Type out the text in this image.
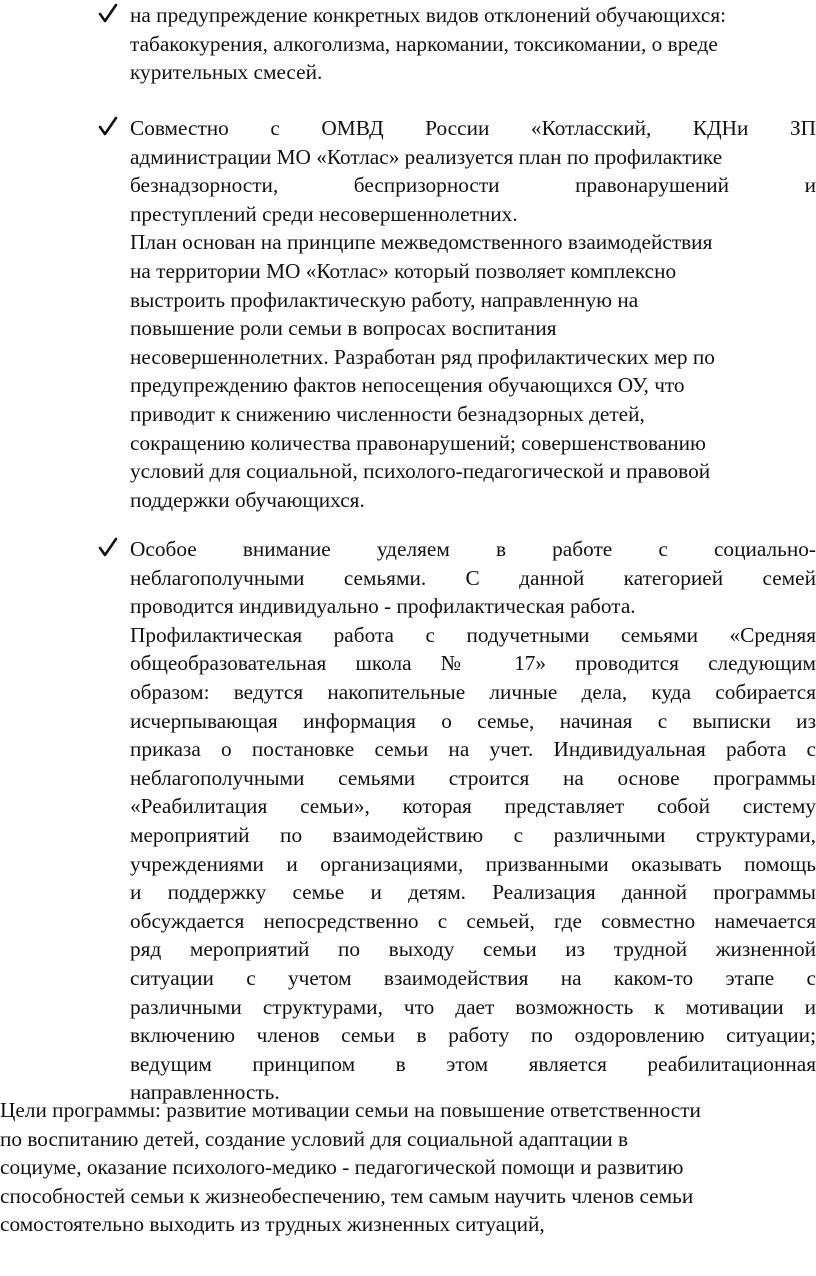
на предупреждение конкретных видов отклонений обучающихся:
табакокурения, алкоголизма, наркомании, токсикомании, о вреде
курительных смесей.
Совместно с ОМВД России «Котласский, КДНи ЗП
администрации МО «Котлас» реализуется план по профилактике
безнадзорности, беспризорности правонарушений и
преступлений среди несовершеннолетних.
План основан на принципе межведомственного взаимодействия
на территории МО «Котлас» который позволяет комплексно
выстроить профилактическую работу, направленную на
повышение роли семьи в вопросах воспитания
несовершеннолетних. Разработан ряд профилактических мер по
предупреждению фактов непосещения обучающихся ОУ, что
приводит к снижению численности безнадзорных детей,
сокращению количества правонарушений; совершенствованию
условий для социальной, психолого-педагогической и правовой
поддержки обучающихся.
Особое внимание уделяем в работе с социально-
неблагополучными семьями. С данной категорией семей
проводится индивидуально - профилактическая работа.
Профилактическая работа с подучетными семьями «Средняя
общеобразовательная школа № 17» проводится следующим
образом: ведутся накопительные личные дела, куда собирается
исчерпывающая информация о семье, начиная с выписки из
приказа о постановке семьи на учет. Индивидуальная работа с
неблагополучными семьями строится на основе программы
«Реабилитация семьи», которая представляет собой систему
мероприятий по взаимодействию с различными структурами,
учреждениями и организациями, призванными оказывать помощь
и поддержку семье и детям. Реализация данной программы
обсуждается непосредственно с семьей, где совместно намечается
ряд мероприятий по выходу семьи из трудной жизненной
ситуации с учетом взаимодействия на каком-то этапе с
различными структурами, что дает возможность к мотивации и
включению членов семьи в работу по оздоровлению ситуации;
ведущим принципом в этом является реабилитационная
направленность.
Цели программы: развитие мотивации семьи на повышение ответственности
по воспитанию детей, создание условий для социальной адаптации в
социуме, оказание психолого-медико - педагогической помощи и развитию
способностей семьи к жизнеобеспечению, тем самым научить членов семьи
сомостоятельно выходить из трудных жизненных ситуаций,
